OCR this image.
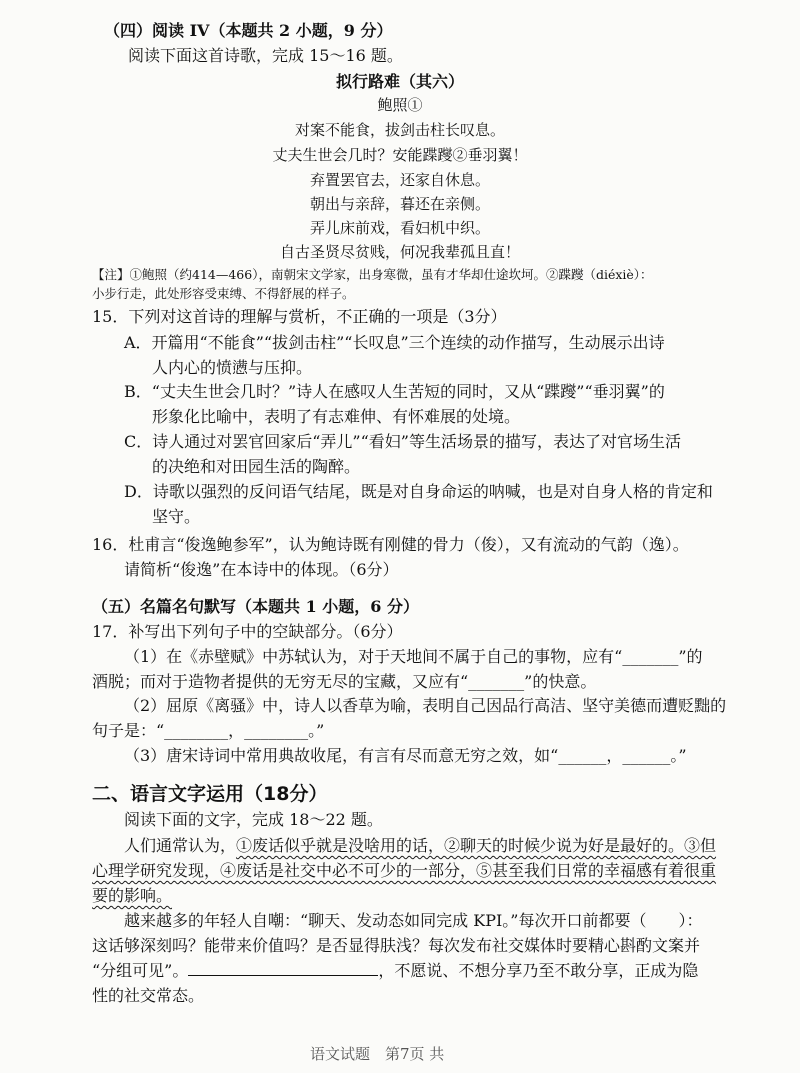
（四）阅读 IV（本题共 2 小题，9 分）
阅读下面这首诗歌，完成 15～16 题。
拟行路难（其六）
鲍照①
对案不能食，拔剑击柱长叹息。
丈夫生世会几时？安能蹀躞②垂羽翼！
弃置罢官去，还家自休息。
朝出与亲辞，暮还在亲侧。
弄儿床前戏，看妇机中织。
自古圣贤尽贫贱，何况我辈孤且直！
【注】①鲍照（约414—466），南朝宋文学家，出身寒微，虽有才华却仕途坎坷。②蹀躞（diéxiè）：
小步行走，此处形容受束缚、不得舒展的样子。
15．下列对这首诗的理解与赏析，不正确的一项是（3分）
A．开篇用“不能食”“拔剑击柱”“长叹息”三个连续的动作描写，生动展示出诗
人内心的愤懑与压抑。
B．“丈夫生世会几时？”诗人在感叹人生苦短的同时，又从“蹀躞”“垂羽翼”的
形象化比喻中，表明了有志难伸、有怀难展的处境。
C．诗人通过对罢官回家后“弄儿”“看妇”等生活场景的描写，表达了对官场生活
的决绝和对田园生活的陶醉。
D．诗歌以强烈的反问语气结尾，既是对自身命运的呐喊，也是对自身人格的肯定和
坚守。
16．杜甫言“俊逸鲍参军”，认为鲍诗既有刚健的骨力（俊），又有流动的气韵（逸）。
请简析“俊逸”在本诗中的体现。（6分）
（五）名篇名句默写（本题共 1 小题，6 分）
17．补写出下列句子中的空缺部分。（6分）
（1）在《赤壁赋》中苏轼认为，对于天地间不属于自己的事物，应有“_______”的
酒脱；而对于造物者提供的无穷无尽的宝藏，又应有“_______”的快意。
（2）屈原《离骚》中，诗人以香草为喻，表明自己因品行高洁、坚守美德而遭贬黜的
句子是：“________，________。”
（3）唐宋诗词中常用典故收尾，有言有尽而意无穷之效，如“______，______。”
二、语言文字运用（18分）
阅读下面的文字，完成 18～22 题。
人们通常认为，①废话似乎就是没啥用的话，②聊天的时候少说为好是最好的。③但
心理学研究发现，④废话是社交中必不可少的一部分，⑤甚至我们日常的幸福感有着很重
要的影响。
越来越多的年轻人自嘲：“聊天、发动态如同完成 KPI。”每次开口前都要（　　）：
这话够深刻吗？能带来价值吗？是否显得肤浅？每次发布社交媒体时要精心斟酌文案并
“分组可见”。	，不愿说、不想分享乃至不敢分享，正成为隐
性的社交常态。
语文试题　第7页 共
